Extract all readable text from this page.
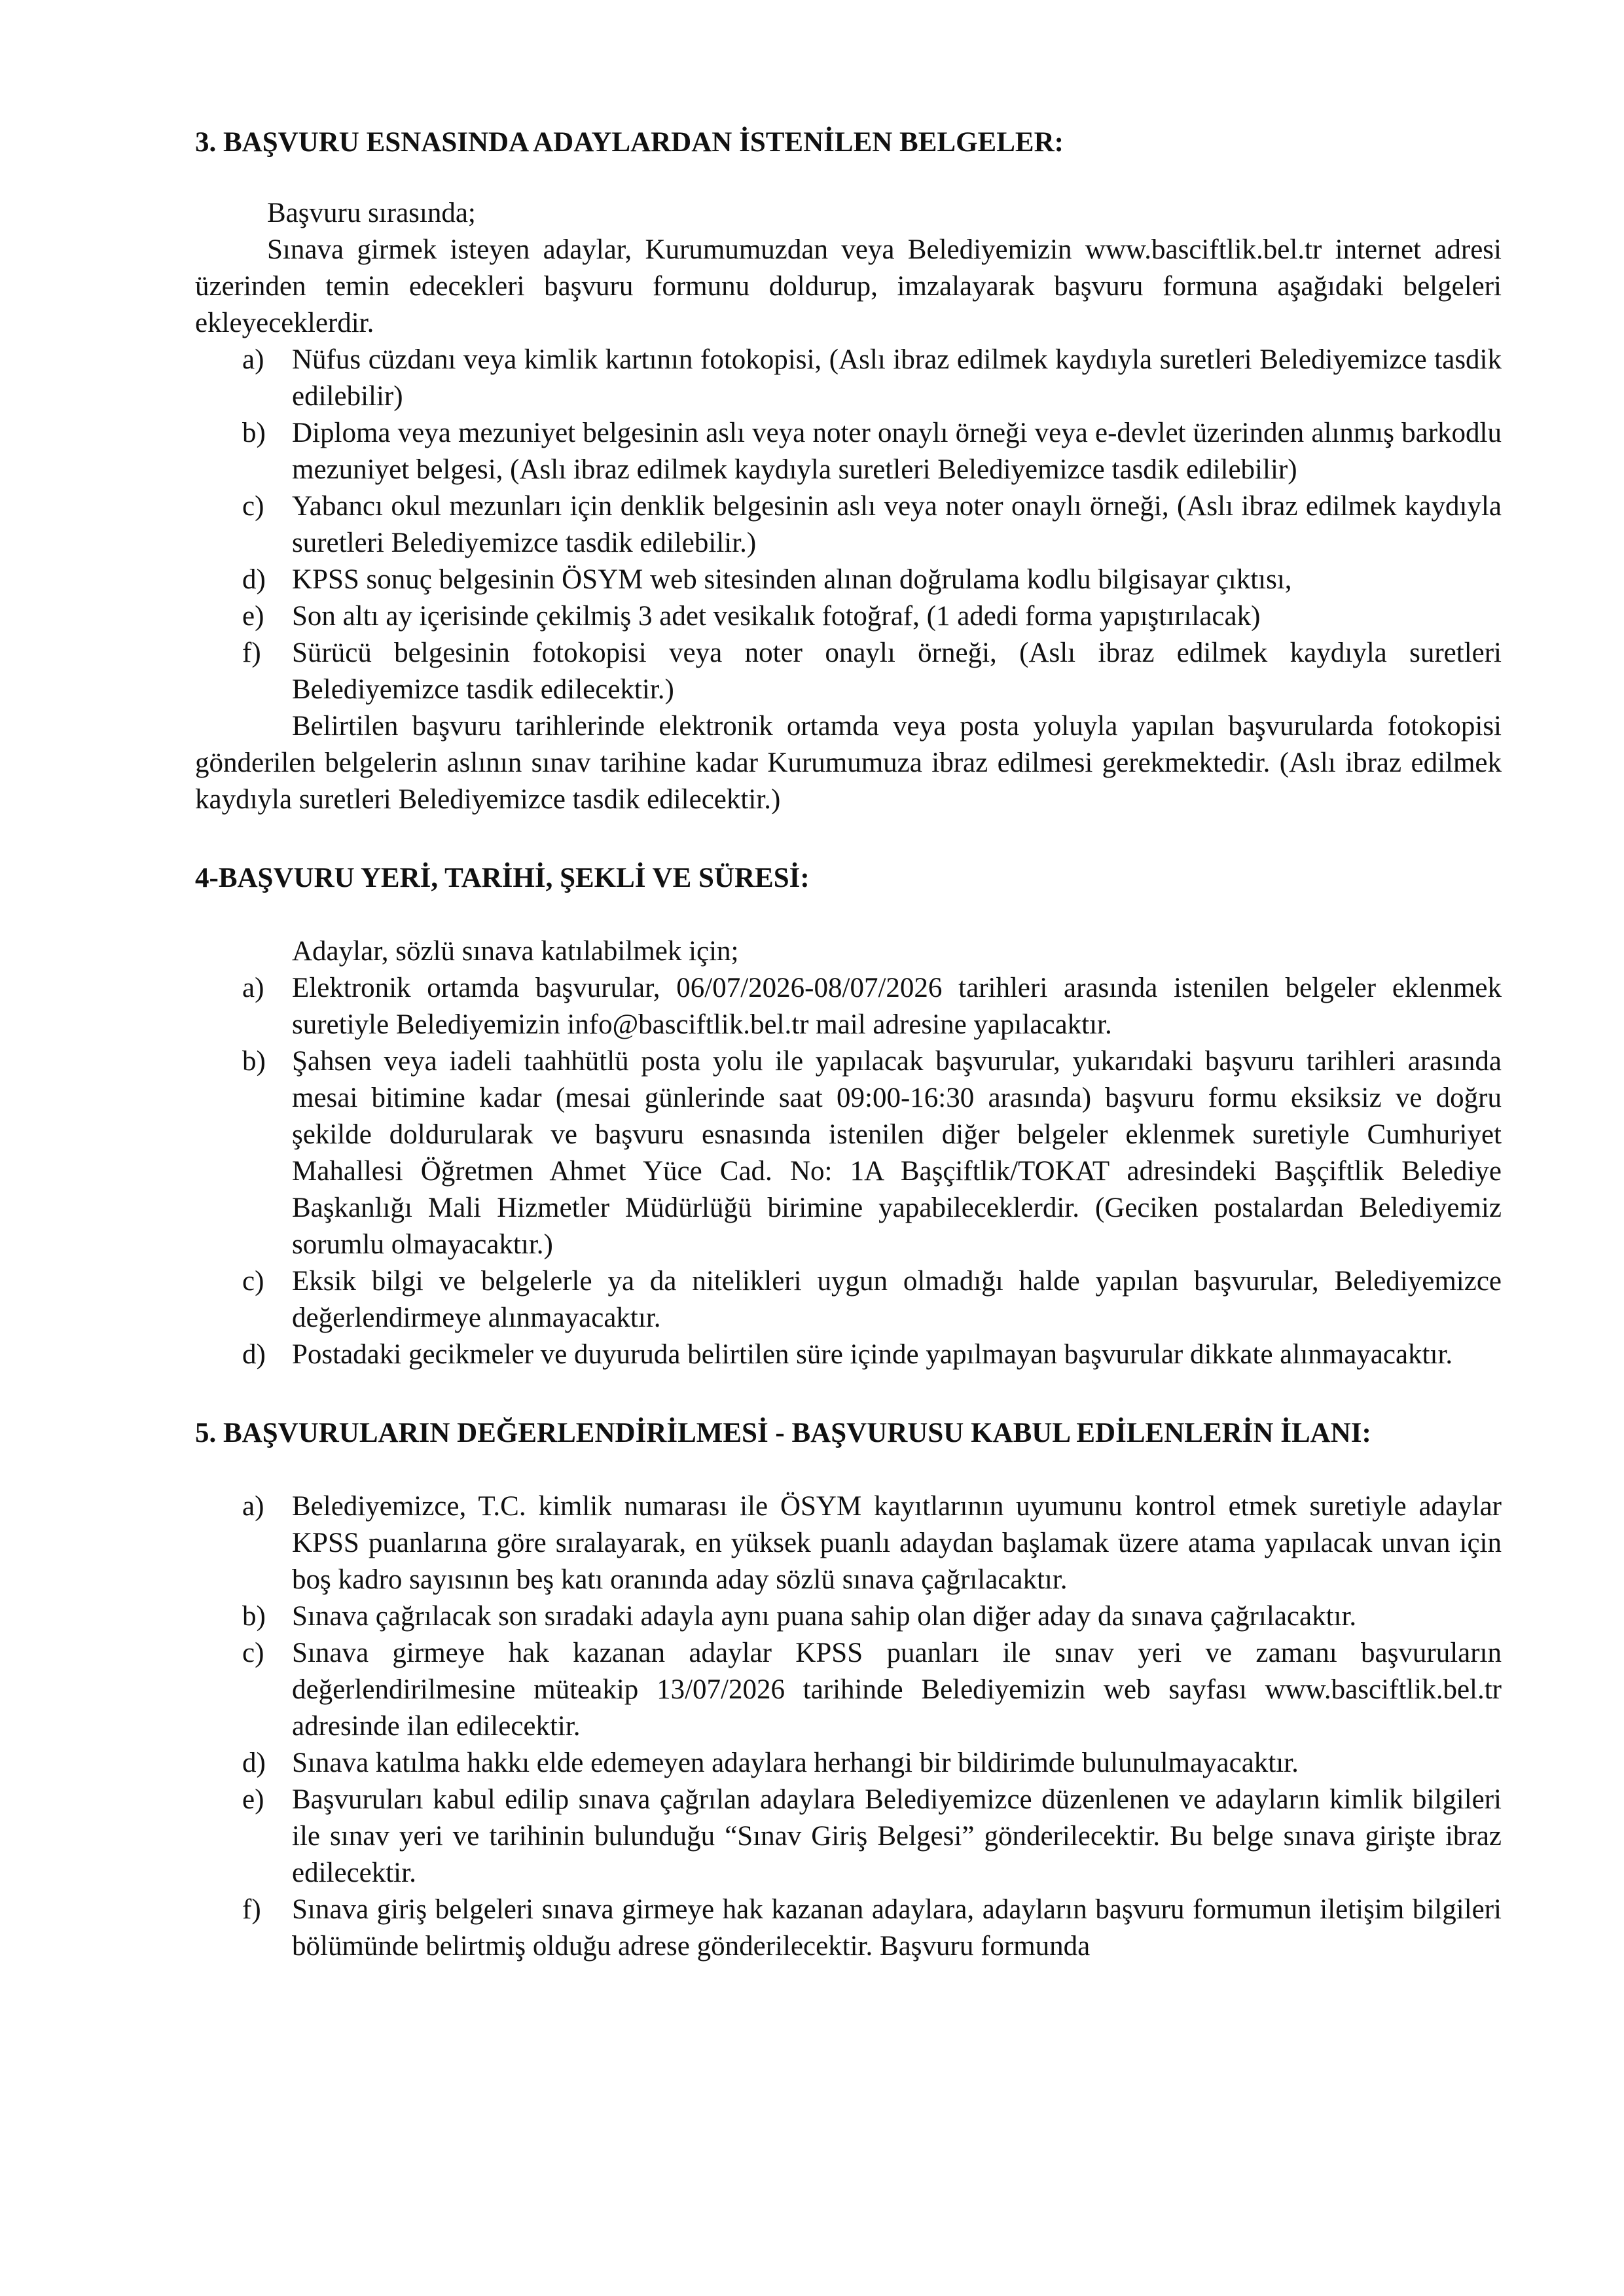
3. BAŞVURU ESNASINDA ADAYLARDAN İSTENİLEN BELGELER:

Başvuru sırasında;

Sınava girmek isteyen adaylar, Kurumumuzdan veya Belediyemizin www.basciftlik.bel.tr internet adresi üzerinden temin edecekleri başvuru formunu doldurup, imzalayarak başvuru formuna aşağıdaki belgeleri ekleyeceklerdir.

a) Nüfus cüzdanı veya kimlik kartının fotokopisi, (Aslı ibraz edilmek kaydıyla suretleri Belediyemizce tasdik edilebilir)
b) Diploma veya mezuniyet belgesinin aslı veya noter onaylı örneği veya e-devlet üzerinden alınmış barkodlu mezuniyet belgesi, (Aslı ibraz edilmek kaydıyla suretleri Belediyemizce tasdik edilebilir)
c) Yabancı okul mezunları için denklik belgesinin aslı veya noter onaylı örneği, (Aslı ibraz edilmek kaydıyla suretleri Belediyemizce tasdik edilebilir.)
d) KPSS sonuç belgesinin ÖSYM web sitesinden alınan doğrulama kodlu bilgisayar çıktısı,
e) Son altı ay içerisinde çekilmiş 3 adet vesikalık fotoğraf, (1 adedi forma yapıştırılacak)
f)	Sürücü belgesinin fotokopisi veya noter onaylı örneği, (Aslı ibraz edilmek kaydıyla suretleri Belediyemizce tasdik edilecektir.)

Belirtilen başvuru tarihlerinde elektronik ortamda veya posta yoluyla yapılan başvurularda fotokopisi gönderilen belgelerin aslının sınav tarihine kadar Kurumumuza ibraz edilmesi gerekmektedir. (Aslı ibraz edilmek kaydıyla suretleri Belediyemizce tasdik edilecektir.)

4-BAŞVURU YERİ, TARİHİ, ŞEKLİ VE SÜRESİ:

Adaylar, sözlü sınava katılabilmek için;

a) Elektronik ortamda başvurular, 06/07/2026-08/07/2026 tarihleri arasında istenilen belgeler eklenmek suretiyle Belediyemizin info@basciftlik.bel.tr mail adresine yapılacaktır.
b) Şahsen veya iadeli taahhütlü posta yolu ile yapılacak başvurular, yukarıdaki başvuru tarihleri arasında mesai bitimine kadar (mesai günlerinde saat 09:00-16:30 arasında) başvuru formu eksiksiz ve doğru şekilde doldurularak ve başvuru esnasında istenilen diğer belgeler eklenmek suretiyle Cumhuriyet Mahallesi Öğretmen Ahmet Yüce Cad. No: 1A Başçiftlik/TOKAT adresindeki Başçiftlik Belediye Başkanlığı Mali Hizmetler Müdürlüğü birimine yapabileceklerdir. (Geciken postalardan Belediyemiz sorumlu olmayacaktır.)
c) Eksik bilgi ve belgelerle ya da nitelikleri uygun olmadığı halde yapılan başvurular, Belediyemizce değerlendirmeye alınmayacaktır.
d) Postadaki gecikmeler ve duyuruda belirtilen süre içinde yapılmayan başvurular dikkate alınmayacaktır.
5. BAŞVURULARIN DEĞERLENDİRİLMESİ - BAŞVURUSU KABUL EDİLENLERİN İLANI:
a) Belediyemizce, T.C. kimlik numarası ile ÖSYM kayıtlarının uyumunu kontrol etmek suretiyle adaylar KPSS puanlarına göre sıralayarak, en yüksek puanlı adaydan başlamak üzere atama yapılacak unvan için boş kadro sayısının beş katı oranında aday sözlü sınava çağrılacaktır.
b) Sınava çağrılacak son sıradaki adayla aynı puana sahip olan diğer aday da sınava çağrılacaktır.
c) Sınava girmeye hak kazanan adaylar KPSS puanları ile sınav yeri ve zamanı başvuruların değerlendirilmesine müteakip 13/07/2026 tarihinde Belediyemizin web sayfası www.basciftlik.bel.tr adresinde ilan edilecektir.
d) Sınava katılma hakkı elde edemeyen adaylara herhangi bir bildirimde bulunulmayacaktır.
e) Başvuruları kabul edilip sınava çağrılan adaylara Belediyemizce düzenlenen ve adayların kimlik bilgileri ile sınav yeri ve tarihinin bulunduğu “Sınav Giriş Belgesi” gönderilecektir. Bu belge sınava girişte ibraz edilecektir.
f)	Sınava giriş belgeleri sınava girmeye hak kazanan adaylara, adayların başvuru formumun iletişim bilgileri bölümünde belirtmiş olduğu adrese gönderilecektir. Başvuru formunda
